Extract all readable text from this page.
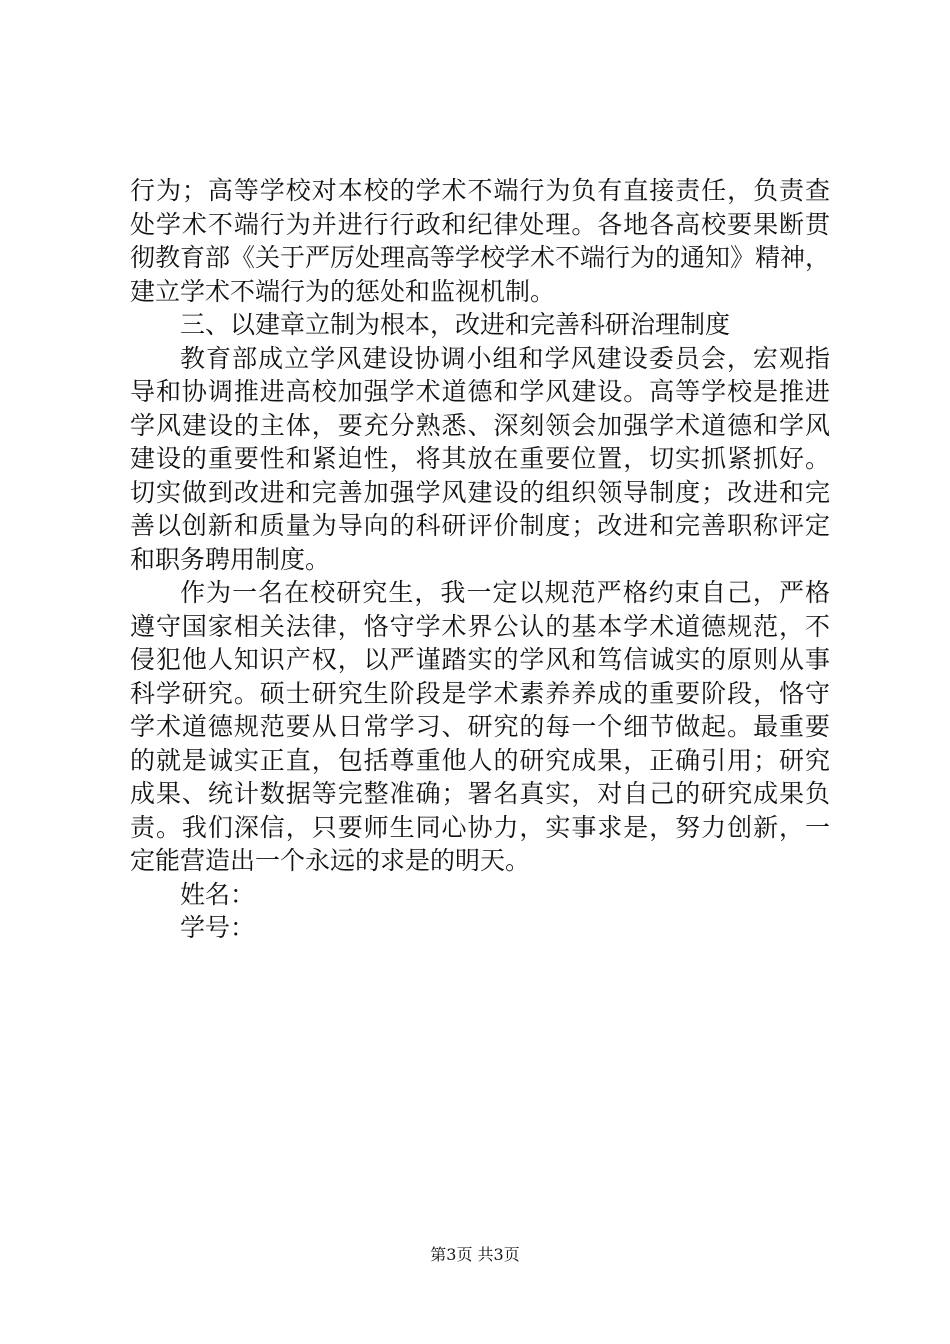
行为；高等学校对本校的学术不端行为负有直接责任，负责查
处学术不端行为并进行行政和纪律处理。各地各高校要果断贯
彻教育部《关于严厉处理高等学校学术不端行为的通知》精神，
建立学术不端行为的惩处和监视机制。
三、以建章立制为根本，改进和完善科研治理制度
教育部成立学风建设协调小组和学风建设委员会，宏观指
导和协调推进高校加强学术道德和学风建设。高等学校是推进
学风建设的主体，要充分熟悉、深刻领会加强学术道德和学风
建设的重要性和紧迫性，将其放在重要位置，切实抓紧抓好。
切实做到改进和完善加强学风建设的组织领导制度；改进和完
善以创新和质量为导向的科研评价制度；改进和完善职称评定
和职务聘用制度。
作为一名在校研究生，我一定以规范严格约束自己，严格
遵守国家相关法律，恪守学术界公认的基本学术道德规范，不
侵犯他人知识产权，以严谨踏实的学风和笃信诚实的原则从事
科学研究。硕士研究生阶段是学术素养养成的重要阶段，恪守
学术道德规范要从日常学习、研究的每一个细节做起。最重要
的就是诚实正直，包括尊重他人的研究成果，正确引用；研究
成果、统计数据等完整准确；署名真实，对自己的研究成果负
责。我们深信，只要师生同心协力，实事求是，努力创新，一
定能营造出一个永远的求是的明天。
姓名：
学号：
第3页 共3页
